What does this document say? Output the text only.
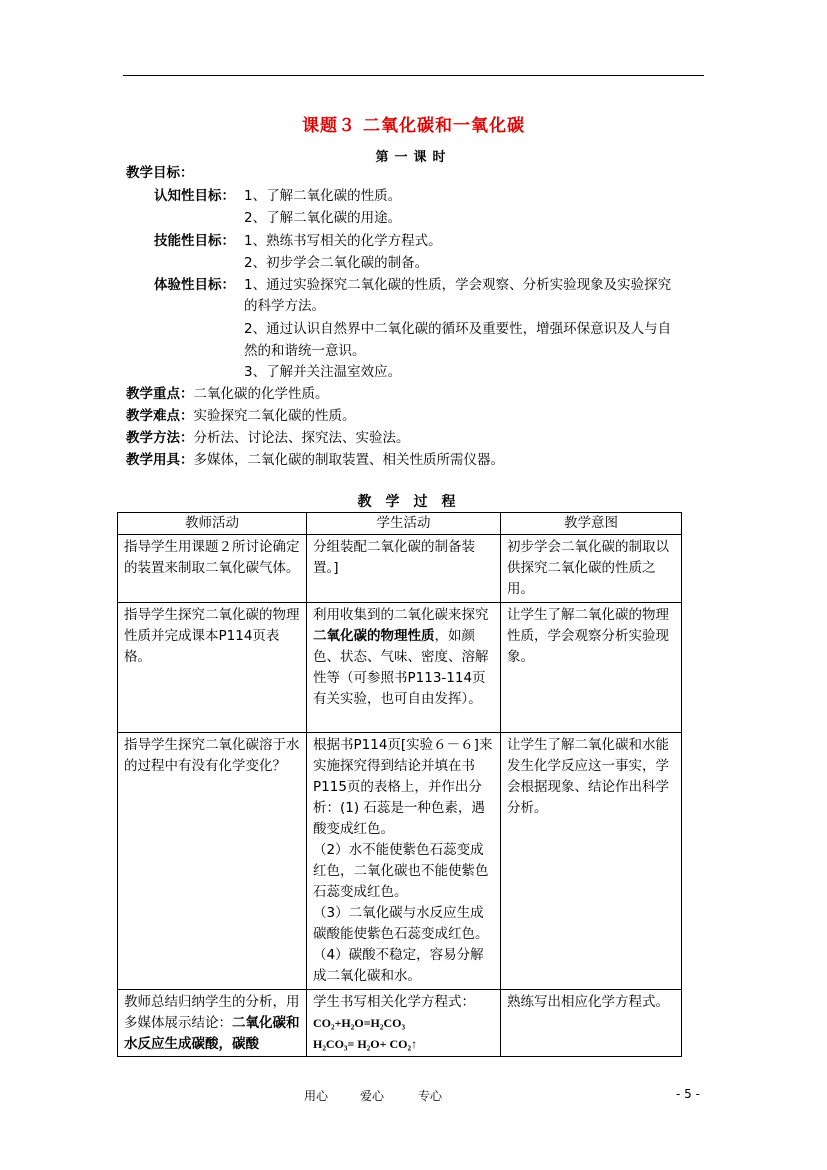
课题３ 二氧化碳和一氧化碳
第一课时
教学目标：
认知性目标： 1、了解二氧化碳的性质。
2、了解二氧化碳的用途。
技能性目标： 1、熟练书写相关的化学方程式。
2、初步学会二氧化碳的制备。
体验性目标： 1、通过实验探究二氧化碳的性质，学会观察、分析实验现象及实验探究
的科学方法。
2、通过认识自然界中二氧化碳的循环及重要性，增强环保意识及人与自
然的和谐统一意识。
3、了解并关注温室效应。
教学重点：二氧化碳的化学性质。
教学难点：实验探究二氧化碳的性质。
教学方法：分析法、讨论法、探究法、实验法。
教学用具：多媒体，二氧化碳的制取装置、相关性质所需仪器。
教学过程
教师活动	学生活动	教学意图
指导学生用课题２所讨论确定的装置来制取二氧化碳气体。	分组装配二氧化碳的制备装置。]	初步学会二氧化碳的制取以供探究二氧化碳的性质之用。
指导学生探究二氧化碳的物理性质并完成课本P114页表格。	利用收集到的二氧化碳来探究二氧化碳的物理性质，如颜色、状态、气味、密度、溶解性等（可参照书P113-114页有关实验，也可自由发挥）。	让学生了解二氧化碳的物理性质，学会观察分析实验现象。
指导学生探究二氧化碳溶于水的过程中有没有化学变化？	根据书P114页[实验６－６]来实施探究得到结论并填在书P115页的表格上，并作出分析：(1) 石蕊是一种色素，遇酸变成红色。
（2）水不能使紫色石蕊变成红色，二氧化碳也不能使紫色石蕊变成红色。
（3）二氧化碳与水反应生成碳酸能使紫色石蕊变成红色。
（4）碳酸不稳定，容易分解成二氧化碳和水。	让学生了解二氧化碳和水能发生化学反应这一事实，学会根据现象、结论作出科学分析。
教师总结归纳学生的分析，用多媒体展示结论：二氧化碳和水反应生成碳酸，碳酸	学生书写相关化学方程式：
CO₂+H₂O=H₂CO₃
H₂CO₃= H₂O+ CO₂↑	熟练写出相应化学方程式。
用心	爱心	专心	- 5 -
